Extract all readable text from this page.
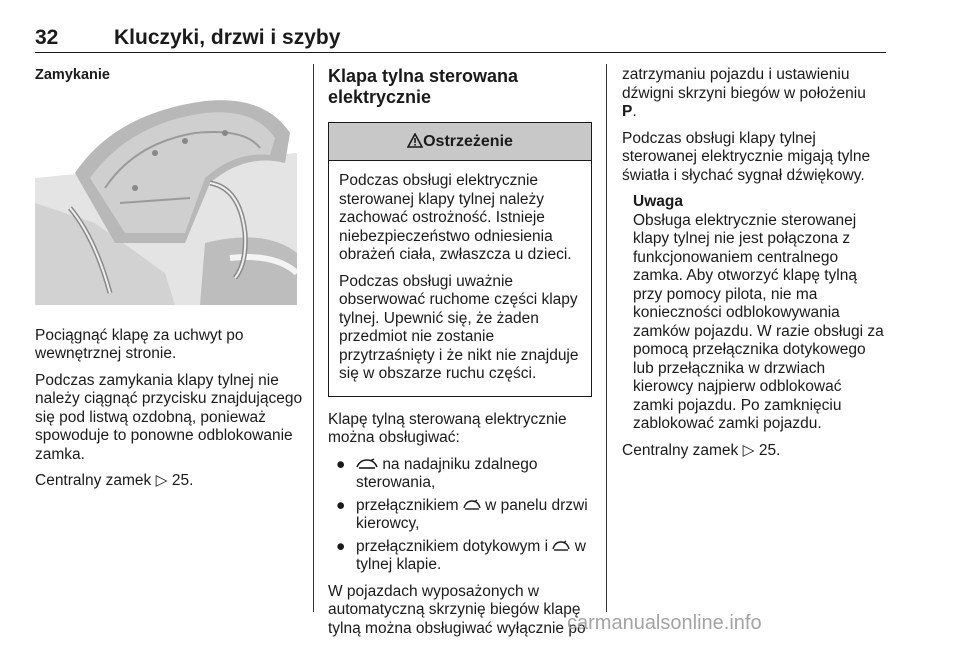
32	Kluczyki, drzwi i szyby

Zamykanie

Pociągnąć klapę za uchwyt po wewnętrznej stronie.

Podczas zamykania klapy tylnej nie należy ciągnąć przycisku znajdującego się pod listwą ozdobną, ponieważ spowoduje to ponowne odblokowanie zamka.

Centralny zamek ▷ 25.

Klapa tylna sterowana elektrycznie

Ostrzeżenie

Podczas obsługi elektrycznie sterowanej klapy tylnej należy zachować ostrożność. Istnieje niebezpieczeństwo odniesienia obrażeń ciała, zwłaszcza u dzieci.

Podczas obsługi uważnie obserwować ruchome części klapy tylnej. Upewnić się, że żaden przedmiot nie zostanie przytrzaśnięty i że nikt nie znajduje się w obszarze ruchu części.

Klapę tylną sterowaną elektrycznie można obsługiwać:

● na nadajniku zdalnego sterowania,
● przełącznikiem w panelu drzwi kierowcy,
● przełącznikiem dotykowym i w tylnej klapie.

W pojazdach wyposażonych w automatyczną skrzynię biegów klapę tylną można obsługiwać wyłącznie po

zatrzymaniu pojazdu i ustawieniu dźwigni skrzyni biegów w położeniu
P.

Podczas obsługi klapy tylnej sterowanej elektrycznie migają tylne światła i słychać sygnał dźwiękowy.

Uwaga
Obsługa elektrycznie sterowanej klapy tylnej nie jest połączona z funkcjonowaniem centralnego zamka. Aby otworzyć klapę tylną przy pomocy pilota, nie ma konieczności odblokowywania zamków pojazdu. W razie obsługi za pomocą przełącznika dotykowego lub przełącznika w drzwiach kierowcy najpierw odblokować zamki pojazdu. Po zamknięciu zablokować zamki pojazdu.

Centralny zamek ▷ 25.

carmanualsonline.info
